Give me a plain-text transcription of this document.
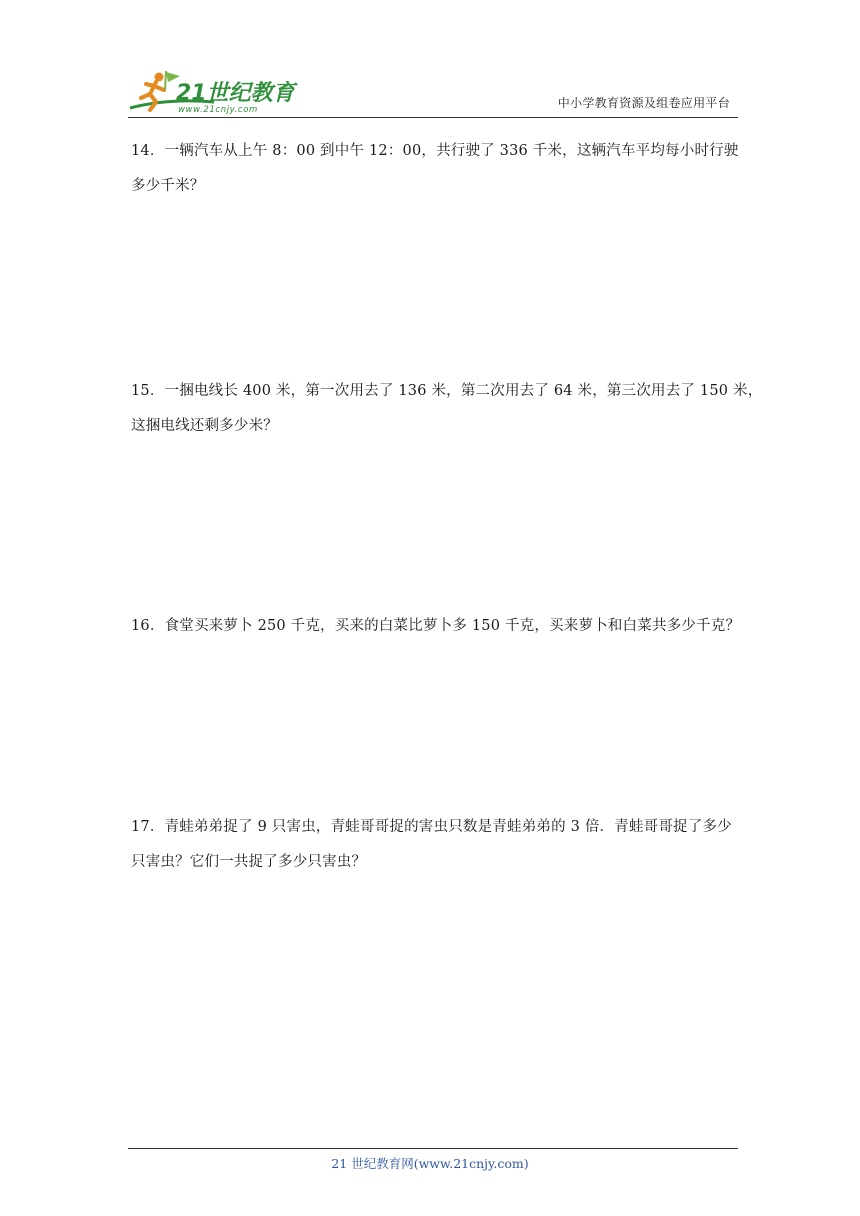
21世纪教育
www.21cnjy.com	中小学教育资源及组卷应用平台
14．一辆汽车从上午 8：00 到中午 12：00，共行驶了 336 千米，这辆汽车平均每小时行驶
多少千米？
15．一捆电线长 400 米，第一次用去了 136 米，第二次用去了 64 米，第三次用去了 150 米，
这捆电线还剩多少米？
16．食堂买来萝卜 250 千克，买来的白菜比萝卜多 150 千克，买来萝卜和白菜共多少千克？
17．青蛙弟弟捉了 9 只害虫，青蛙哥哥捉的害虫只数是青蛙弟弟的 3 倍．青蛙哥哥捉了多少
只害虫？它们一共捉了多少只害虫？
21 世纪教育网(www.21cnjy.com)
